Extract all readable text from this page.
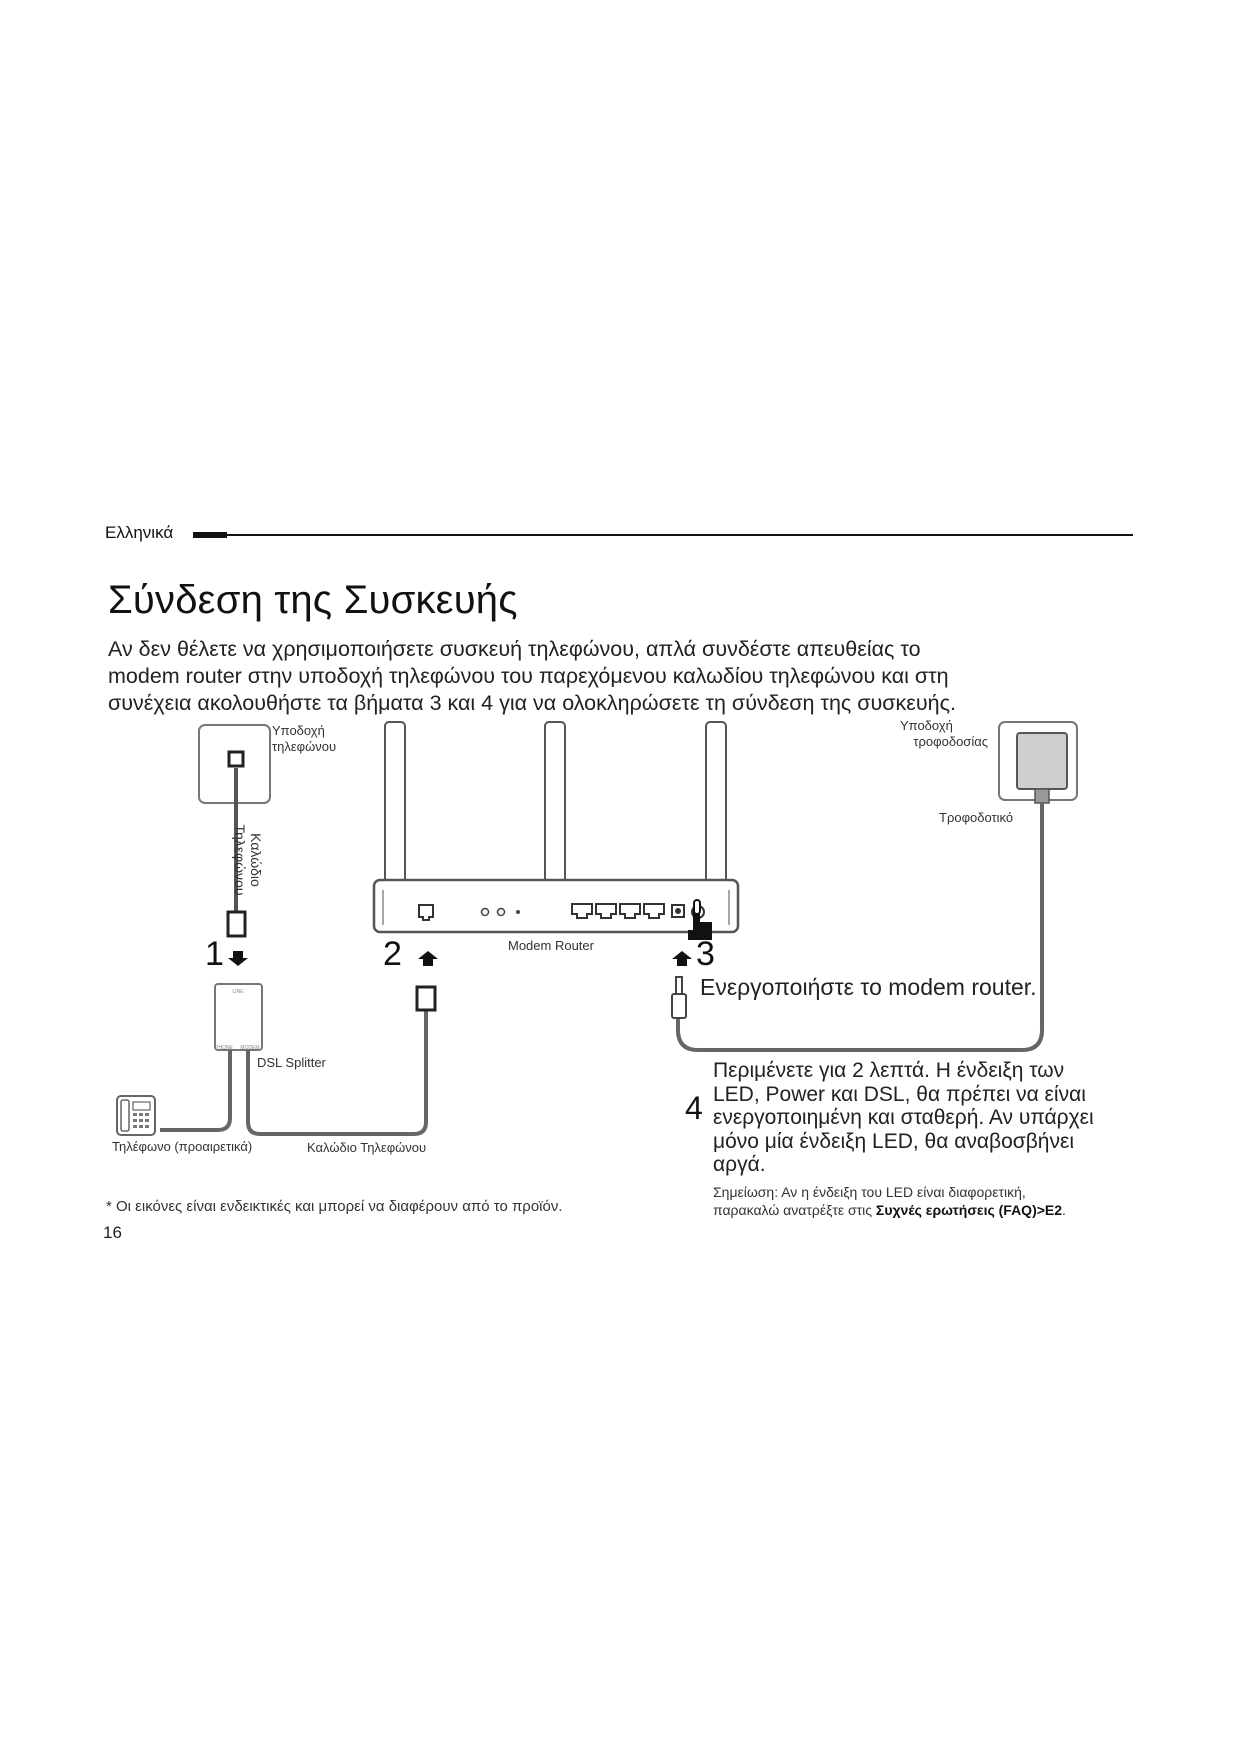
Ελληνικά
Σύνδεση της Συσκευής
Αν δεν θέλετε να χρησιμοποιήσετε συσκευή τηλεφώνου, απλά συνδέστε απευθείας το
modem router στην υποδοχή τηλεφώνου του παρεχόμενου καλωδίου τηλεφώνου και στη
συνέχεια ακολουθήστε τα βήματα 3 και 4 για να ολοκληρώσετε τη σύνδεση της συσκευής.
LINE
PHONE MODEM
Υποδοχή
τηλεφώνου
Καλώδιο
Τηλεφώνου
Υποδοχή
τροφοδοσίας
Τροφοδοτικό
Modem Router
DSL Splitter
Τηλέφωνο (προαιρετικά)	Καλώδιο Τηλεφώνου
1	2	3
Ενεργοποιήστε το modem router.
4
Περιμένετε για 2 λεπτά. Η ένδειξη των
LED, Power και DSL, θα πρέπει να είναι
ενεργοποιημένη και σταθερή. Αν υπάρχει
μόνο μία ένδειξη LED, θα αναβοσβήνει
αργά.
Σημείωση: Αν η ένδειξη του LED είναι διαφορετική,
παρακαλώ ανατρέξτε στις Συχνές ερωτήσεις (FAQ)>E2.
* Οι εικόνες είναι ενδεικτικές και μπορεί να διαφέρουν από το προϊόν.
16
